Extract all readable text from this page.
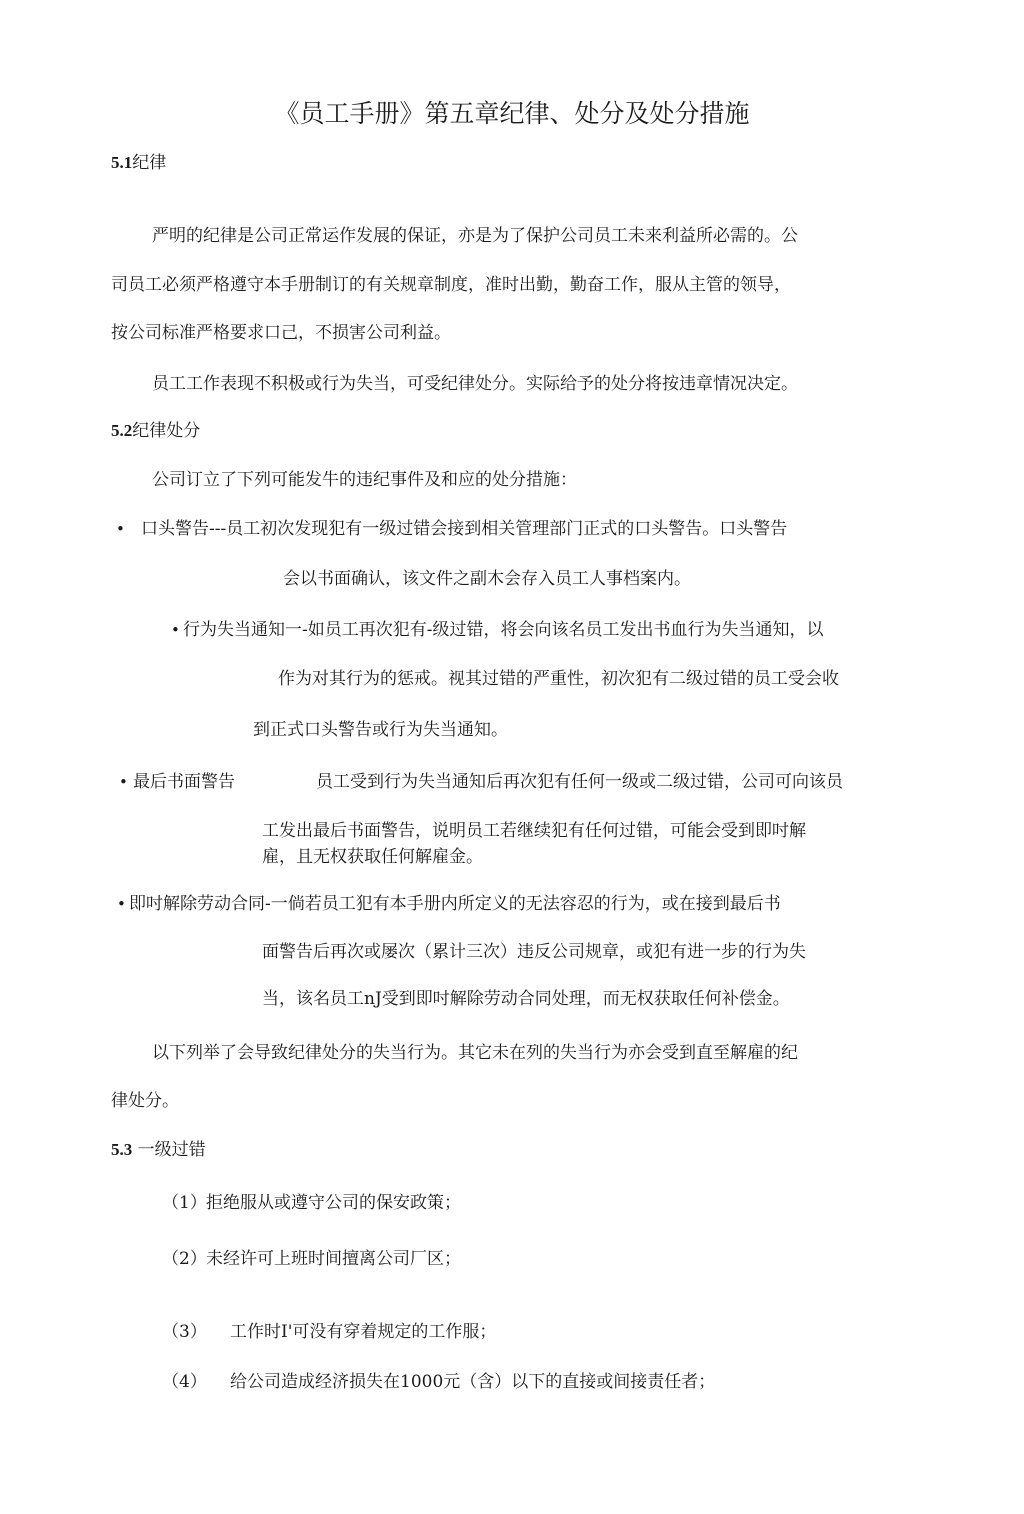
《员工手册》第五章纪律、处分及处分措施
5.1纪律
严明的纪律是公司正常运作发展的保证，亦是为了保护公司员工未来利益所必需的。公
司员工必须严格遵守本手册制订的有关规章制度，准时出勤，勤奋工作，服从主管的领导，
按公司标准严格要求口己，不损害公司利益。
员工工作表现不积极或行为失当，可受纪律处分。实际给予的处分将按违章情况决定。
5.2纪律处分
公司订立了下列可能发牛的违纪事件及和应的处分措施：
• 口头警告---员工初次发现犯有一级过错会接到相关管理部门正式的口头警告。口头警告
会以书面确认，该文件之副木会存入员工人事档案内。
• 行为失当通知一-如员工再次犯有-级过错，将会向该名员工发出书血行为失当通知，以
作为对其行为的惩戒。视其过错的严重性，初次犯有二级过错的员工受会收
到正式口头警告或行为失当通知。
• 最后书面警告	员工受到行为失当通知后再次犯有任何一级或二级过错，公司可向该员
工发出最后书面警告，说明员工若继续犯有任何过错，可能会受到即吋解
雇，且无权获取任何解雇金。
• 即吋解除劳动合同-一倘若员工犯有本手册内所定义的无法容忍的行为，或在接到最后书
面警告后再次或屡次（累计三次）违反公司规章，或犯有进一步的行为失
当，该名员工nJ受到即吋解除劳动合同处理，而无权获取任何补偿金。
以下列举了会导致纪律处分的失当行为。其它未在列的失当行为亦会受到直至解雇的纪
律处分。
5.3 一级过错
（1） 拒绝服从或遵守公司的保安政策；
（2） 未经许可上班时间擅离公司厂区；
（3） 工作时I'可没有穿着规定的工作服；
（4） 给公司造成经济损失在1000元（含）以下的直接或间接责任者；
